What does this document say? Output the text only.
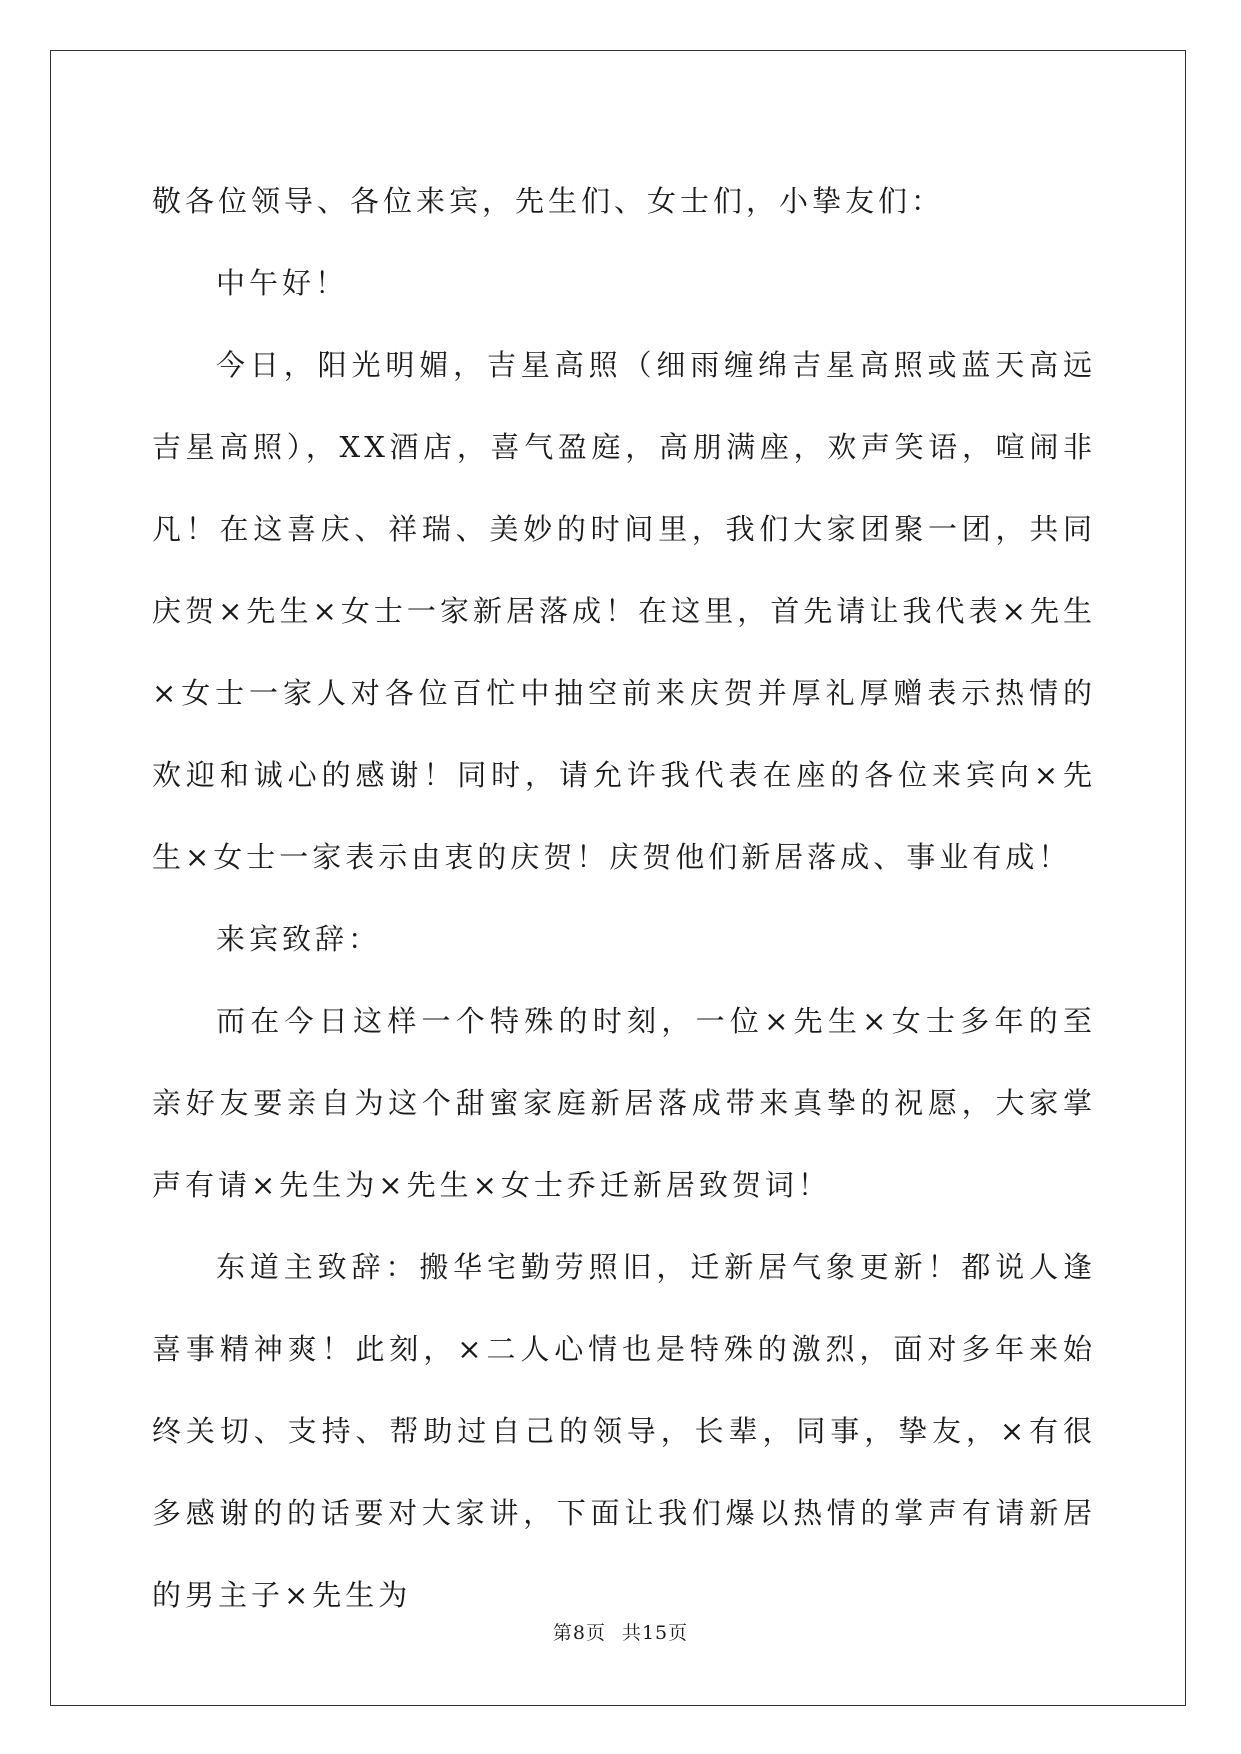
敬各位领导、各位来宾，先生们、女士们，小挚友们：

中午好！

今日，阳光明媚，吉星高照（细雨缠绵吉星高照或蓝天高远吉星高照），XX酒店，喜气盈庭，高朋满座，欢声笑语，喧闹非凡！在这喜庆、祥瑞、美妙的时间里，我们大家团聚一团，共同庆贺×先生×女士一家新居落成！在这里，首先请让我代表×先生×女士一家人对各位百忙中抽空前来庆贺并厚礼厚赠表示热情的欢迎和诚心的感谢！同时，请允许我代表在座的各位来宾向×先生×女士一家表示由衷的庆贺！庆贺他们新居落成、事业有成！

来宾致辞：

而在今日这样一个特殊的时刻，一位×先生×女士多年的至亲好友要亲自为这个甜蜜家庭新居落成带来真挚的祝愿，大家掌声有请×先生为×先生×女士乔迁新居致贺词！

东道主致辞：搬华宅勤劳照旧，迁新居气象更新！都说人逢喜事精神爽！此刻，×二人心情也是特殊的激烈，面对多年来始终关切、支持、帮助过自己的领导，长辈，同事，挚友，×有很多感谢的的话要对大家讲，下面让我们爆以热情的掌声有请新居的男主子×先生为

第8页 共15页
